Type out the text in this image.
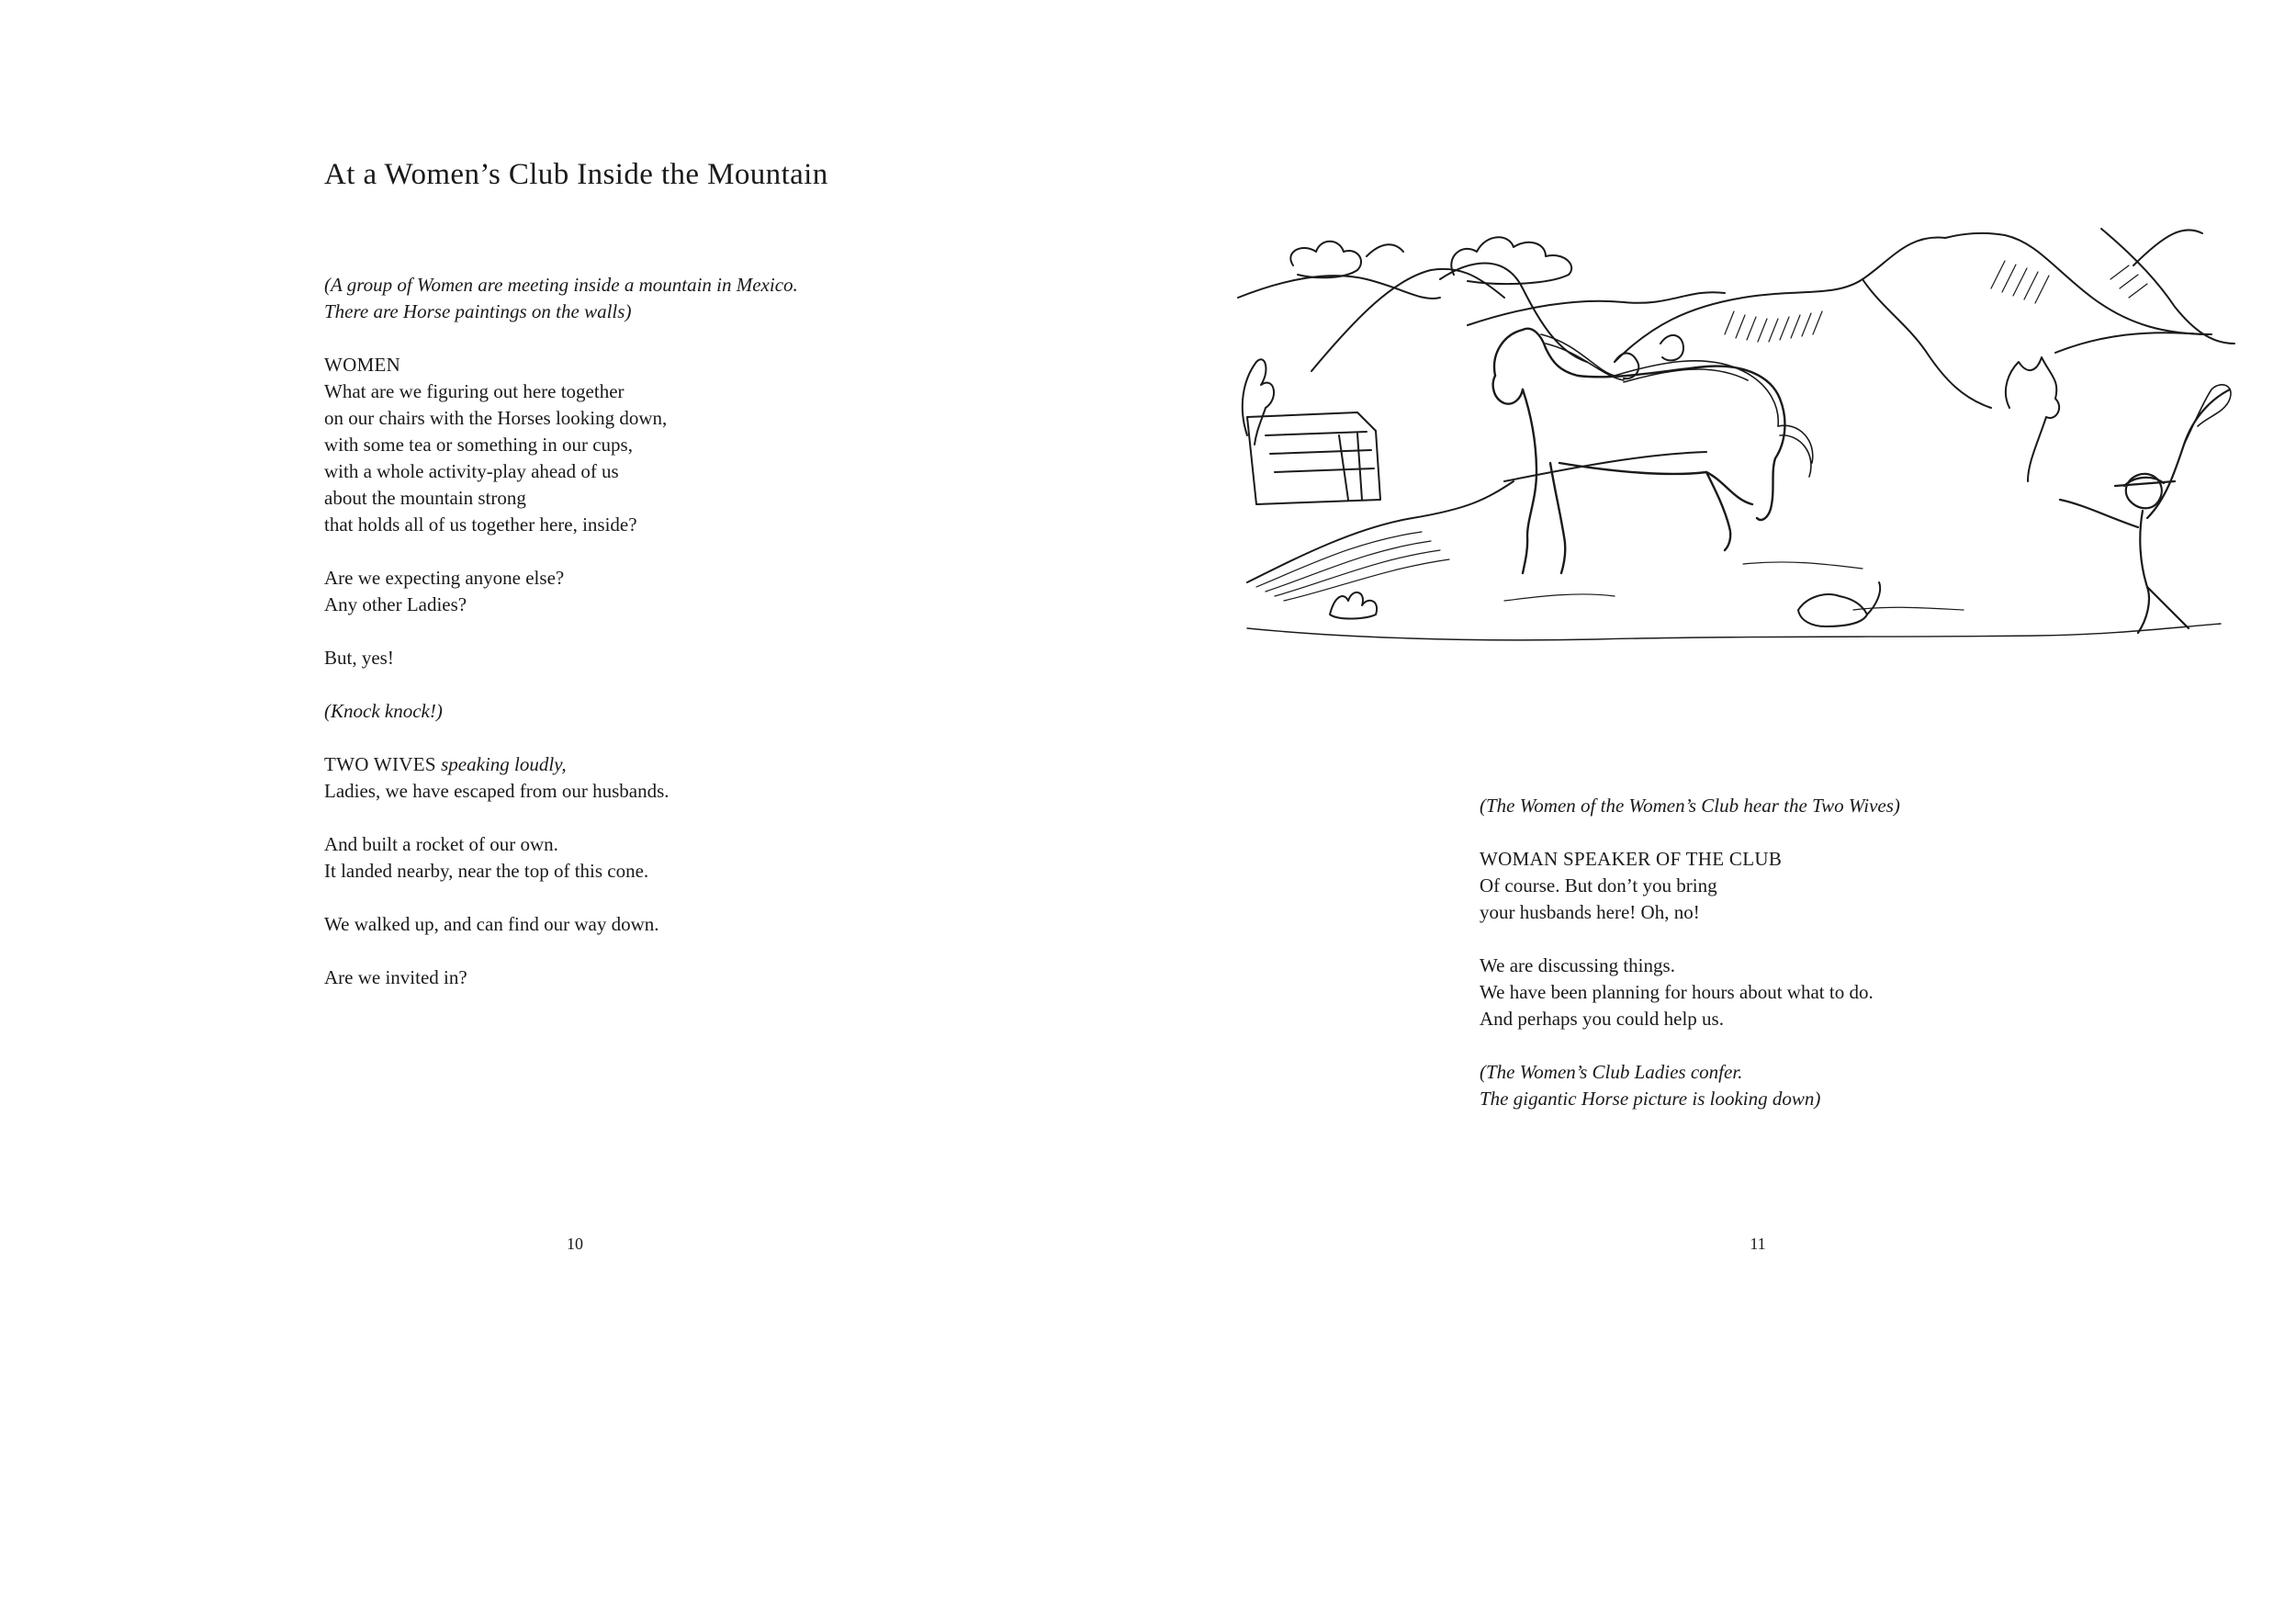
At a Women’s Club Inside the Mountain
(A group of Women are meeting inside a mountain in Mexico.
There are Horse paintings on the walls)
WOMEN
What are we figuring out here together
on our chairs with the Horses looking down,
with some tea or something in our cups,
with a whole activity-play ahead of us
about the mountain strong
that holds all of us together here, inside?
Are we expecting anyone else?
Any other Ladies?
But, yes!
(Knock knock!)
TWO WIVES speaking loudly,
Ladies, we have escaped from our husbands.
And built a rocket of our own.
It landed nearby, near the top of this cone.
We walked up, and can find our way down.
Are we invited in?
10
(The Women of the Women’s Club hear the Two Wives)
WOMAN SPEAKER OF THE CLUB
Of course. But don’t you bring
your husbands here! Oh, no!
We are discussing things.
We have been planning for hours about what to do.
And perhaps you could help us.
(The Women’s Club Ladies confer.
The gigantic Horse picture is looking down)
11
